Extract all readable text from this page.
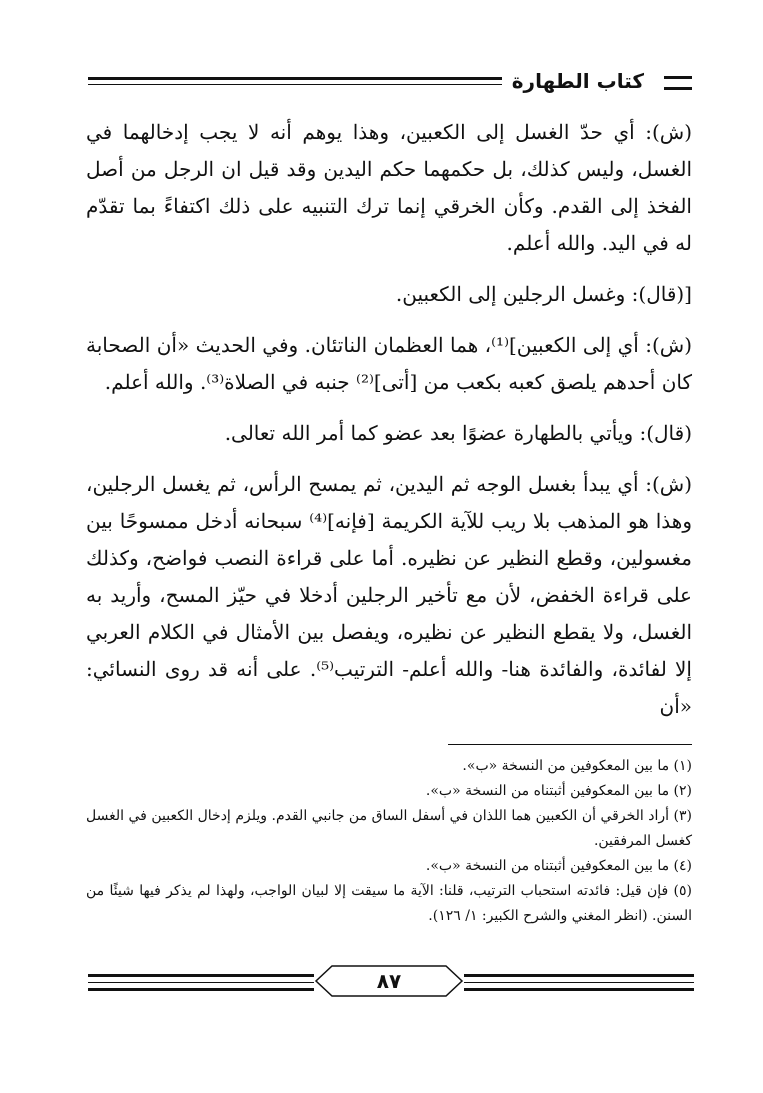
كتاب الطهارة

(ش): أي حدّ الغسل إلى الكعبين، وهذا يوهم أنه لا يجب إدخالهما في الغسل، وليس كذلك، بل حكمهما حكم اليدين وقد قيل ان الرجل من أصل الفخذ إلى القدم. وكأن الخرقي إنما ترك التنبيه على ذلك اكتفاءً بما تقدّم له في اليد. والله أعلم.

[(قال): وغسل الرجلين إلى الكعبين.

(ش): أي إلى الكعبين]⁽¹⁾، هما العظمان الناتئان. وفي الحديث «أن الصحابة كان أحدهم يلصق كعبه بكعب من [أتى]⁽²⁾ جنبه في الصلاة⁽³⁾. والله أعلم.

(قال): ويأتي بالطهارة عضوًا بعد عضو كما أمر الله تعالى.

(ش): أي يبدأ بغسل الوجه ثم اليدين، ثم يمسح الرأس، ثم يغسل الرجلين، وهذا هو المذهب بلا ريب للآية الكريمة [فإنه]⁽⁴⁾ سبحانه أدخل ممسوحًا بين مغسولين، وقطع النظير عن نظيره. أما على قراءة النصب فواضح، وكذلك على قراءة الخفض، لأن مع تأخير الرجلين أدخلا في حيّز المسح، وأريد به الغسل، ولا يقطع النظير عن نظيره، ويفصل بين الأمثال في الكلام العربي إلا لفائدة، والفائدة هنا- والله أعلم- الترتيب⁽⁵⁾. على أنه قد روى النسائي: «أن

(١) ما بين المعكوفين من النسخة «ب».

(٢) ما بين المعكوفين أثبتناه من النسخة «ب».

(٣) أراد الخرقي أن الكعبين هما اللذان في أسفل الساق من جانبي القدم. ويلزم إدخال الكعبين في الغسل كغسل المرفقين.

(٤) ما بين المعكوفين أثبتناه من النسخة «ب».

(٥) فإن قيل: فائدته استحباب الترتيب، قلنا: الآية ما سيقت إلا لبيان الواجب، ولهذا لم يذكر فيها شيئًا من السنن. (انظر المغني والشرح الكبير: ١/ ١٢٦).

٨٧
